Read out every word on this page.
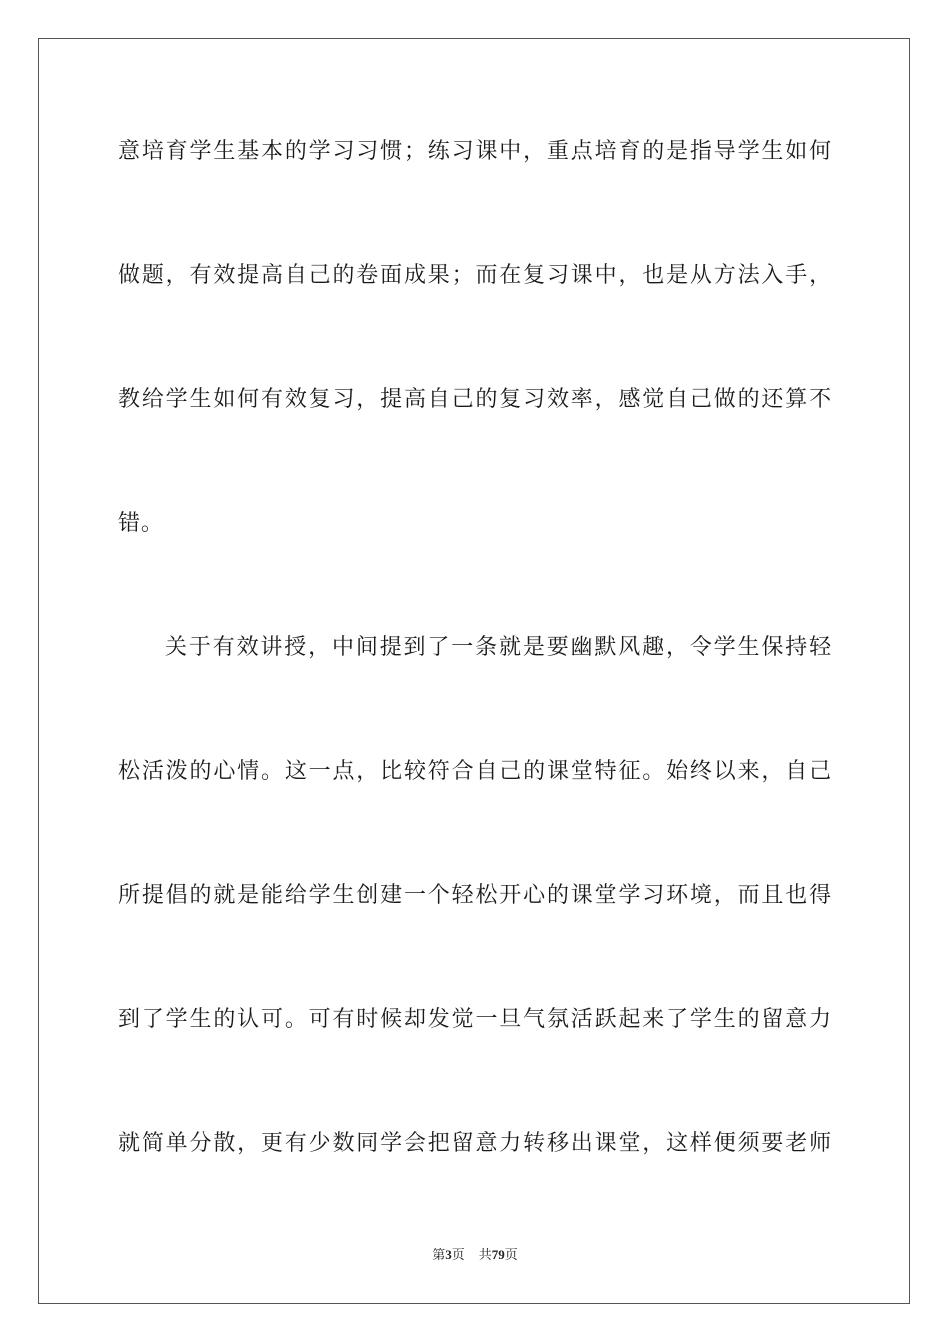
意培育学生基本的学习习惯；练习课中，重点培育的是指导学生如何
做题，有效提高自己的卷面成果；而在复习课中，也是从方法入手，
教给学生如何有效复习，提高自己的复习效率，感觉自己做的还算不
错。
关于有效讲授，中间提到了一条就是要幽默风趣，令学生保持轻
松活泼的心情。这一点，比较符合自己的课堂特征。始终以来，自己
所提倡的就是能给学生创建一个轻松开心的课堂学习环境，而且也得
到了学生的认可。可有时候却发觉一旦气氛活跃起来了学生的留意力
就简单分散，更有少数同学会把留意力转移出课堂，这样便须要老师
第3页 共79页
